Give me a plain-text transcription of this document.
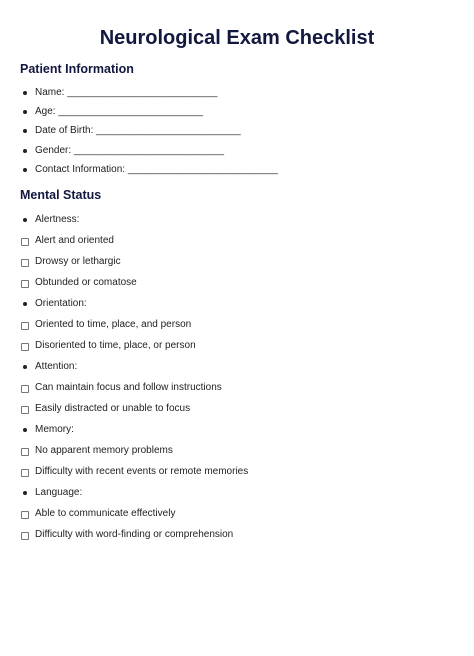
Neurological Exam Checklist
Patient Information
Name: ___________________________
Age: __________________________
Date of Birth: __________________________
Gender: ___________________________
Contact Information: ___________________________
Mental Status
Alertness:
Alert and oriented
Drowsy or lethargic
Obtunded or comatose
Orientation:
Oriented to time, place, and person
Disoriented to time, place, or person
Attention:
Can maintain focus and follow instructions
Easily distracted or unable to focus
Memory:
No apparent memory problems
Difficulty with recent events or remote memories
Language:
Able to communicate effectively
Difficulty with word-finding or comprehension
